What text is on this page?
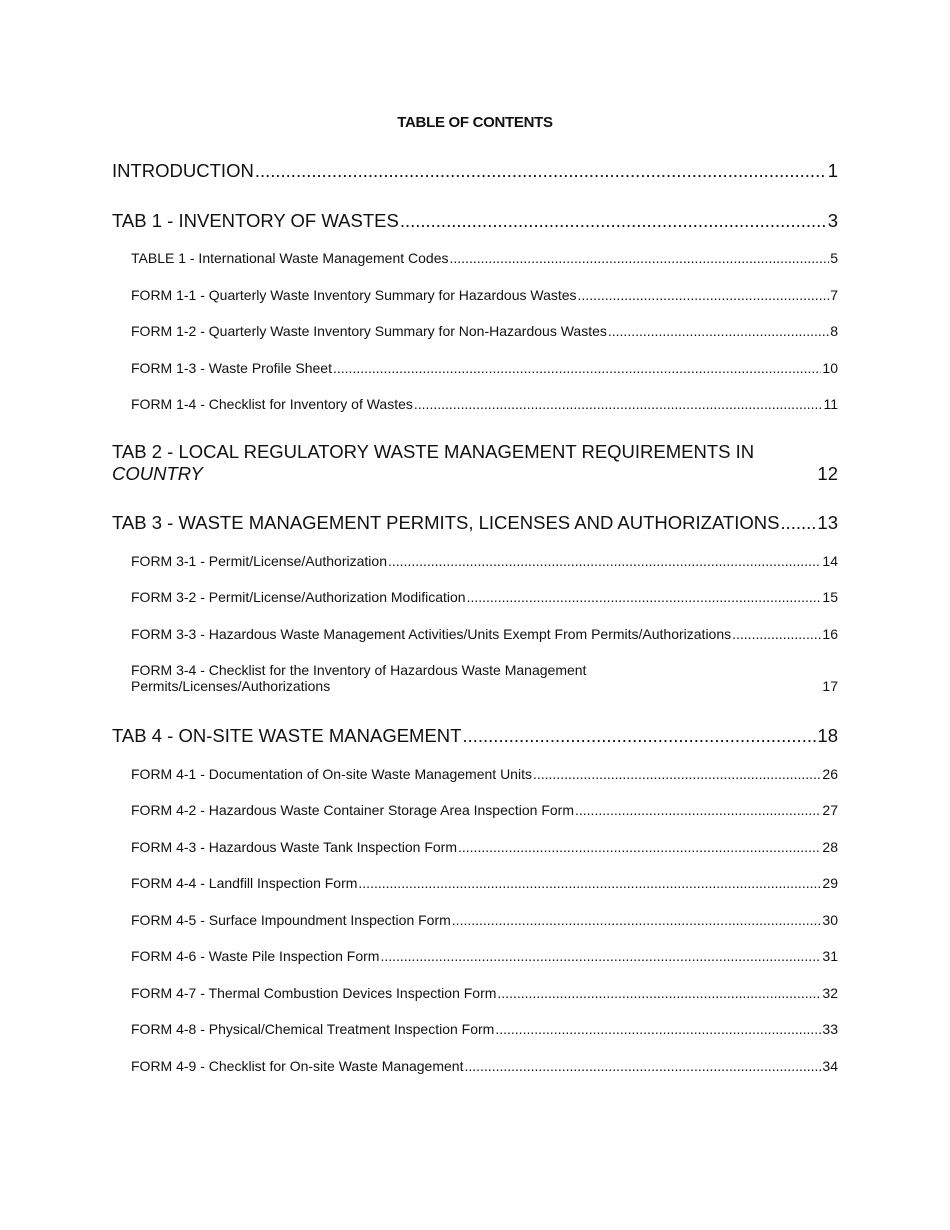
TABLE OF CONTENTS
INTRODUCTION .....	1
TAB 1 - INVENTORY OF WASTES .....	3
TABLE 1 - International Waste Management Codes .....	5
FORM 1-1 - Quarterly Waste Inventory Summary for Hazardous Wastes .....	7
FORM 1-2 - Quarterly Waste Inventory Summary for Non-Hazardous Wastes .....	8
FORM 1-3 - Waste Profile Sheet .....	10
FORM 1-4 - Checklist for Inventory of Wastes .....	11
TAB 2 - LOCAL REGULATORY WASTE MANAGEMENT REQUIREMENTS IN
COUNTRY	12
TAB 3 - WASTE MANAGEMENT PERMITS, LICENSES AND AUTHORIZATIONS ..... 13
FORM 3-1 - Permit/License/Authorization .....	14
FORM 3-2 - Permit/License/Authorization Modification .....	15
FORM 3-3 - Hazardous Waste Management Activities/Units Exempt From Permits/Authorizations .....	16
FORM 3-4 - Checklist for the Inventory of Hazardous Waste Management
Permits/Licenses/Authorizations	17
TAB 4 - ON-SITE WASTE MANAGEMENT .....	18
FORM 4-1 - Documentation of On-site Waste Management Units .....	26
FORM 4-2 - Hazardous Waste Container Storage Area Inspection Form .....	27
FORM 4-3 - Hazardous Waste Tank Inspection Form .....	28
FORM 4-4 - Landfill Inspection Form .....	29
FORM 4-5 - Surface Impoundment Inspection Form .....	30
FORM 4-6 - Waste Pile Inspection Form .....	31
FORM 4-7 - Thermal Combustion Devices Inspection Form .....	32
FORM 4-8 - Physical/Chemical Treatment Inspection Form .....	33
FORM 4-9 - Checklist for On-site Waste Management .....	34
